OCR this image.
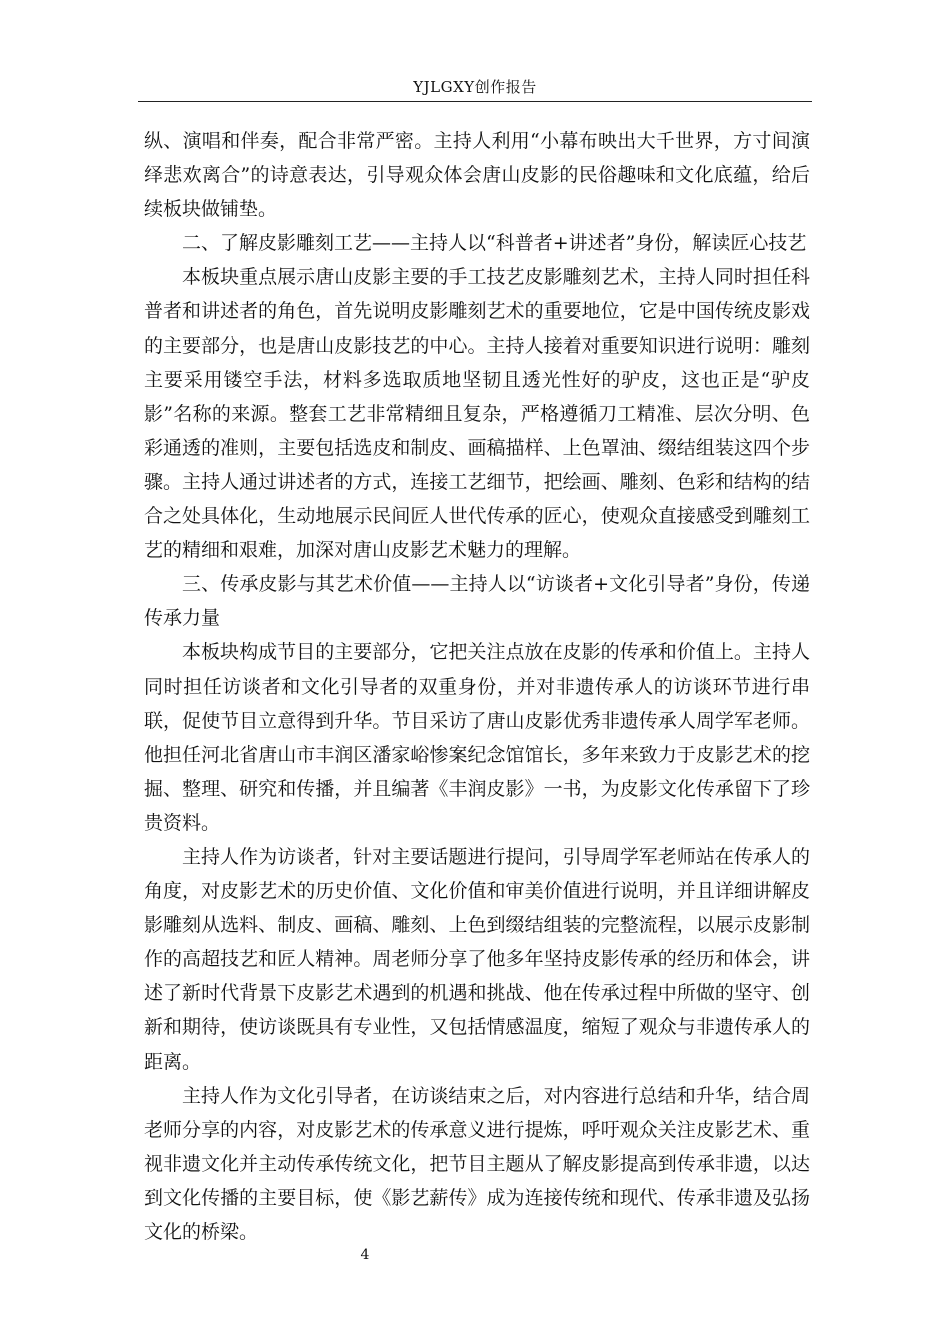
YJLGXY创作报告

纵、演唱和伴奏，配合非常严密。主持人利用“小幕布映出大千世界，方寸间演绎悲欢离合”的诗意表达，引导观众体会唐山皮影的民俗趣味和文化底蕴，给后续板块做铺垫。

二、了解皮影雕刻工艺——主持人以“科普者+讲述者”身份，解读匠心技艺

本板块重点展示唐山皮影主要的手工技艺皮影雕刻艺术，主持人同时担任科普者和讲述者的角色，首先说明皮影雕刻艺术的重要地位，它是中国传统皮影戏的主要部分，也是唐山皮影技艺的中心。主持人接着对重要知识进行说明：雕刻主要采用镂空手法，材料多选取质地坚韧且透光性好的驴皮，这也正是“驴皮影”名称的来源。整套工艺非常精细且复杂，严格遵循刀工精准、层次分明、色彩通透的准则，主要包括选皮和制皮、画稿描样、上色罩油、缀结组装这四个步骤。主持人通过讲述者的方式，连接工艺细节，把绘画、雕刻、色彩和结构的结合之处具体化，生动地展示民间匠人世代传承的匠心，使观众直接感受到雕刻工艺的精细和艰难，加深对唐山皮影艺术魅力的理解。

三、传承皮影与其艺术价值——主持人以“访谈者+文化引导者”身份，传递传承力量

本板块构成节目的主要部分，它把关注点放在皮影的传承和价值上。主持人同时担任访谈者和文化引导者的双重身份，并对非遗传承人的访谈环节进行串联，促使节目立意得到升华。节目采访了唐山皮影优秀非遗传承人周学军老师。他担任河北省唐山市丰润区潘家峪惨案纪念馆馆长，多年来致力于皮影艺术的挖掘、整理、研究和传播，并且编著《丰润皮影》一书，为皮影文化传承留下了珍贵资料。

主持人作为访谈者，针对主要话题进行提问，引导周学军老师站在传承人的角度，对皮影艺术的历史价值、文化价值和审美价值进行说明，并且详细讲解皮影雕刻从选料、制皮、画稿、雕刻、上色到缀结组装的完整流程，以展示皮影制作的高超技艺和匠人精神。周老师分享了他多年坚持皮影传承的经历和体会，讲述了新时代背景下皮影艺术遇到的机遇和挑战、他在传承过程中所做的坚守、创新和期待，使访谈既具有专业性，又包括情感温度，缩短了观众与非遗传承人的距离。

主持人作为文化引导者，在访谈结束之后，对内容进行总结和升华，结合周老师分享的内容，对皮影艺术的传承意义进行提炼，呼吁观众关注皮影艺术、重视非遗文化并主动传承传统文化，把节目主题从了解皮影提高到传承非遗，以达到文化传播的主要目标，使《影艺薪传》成为连接传统和现代、传承非遗及弘扬文化的桥梁。

4
